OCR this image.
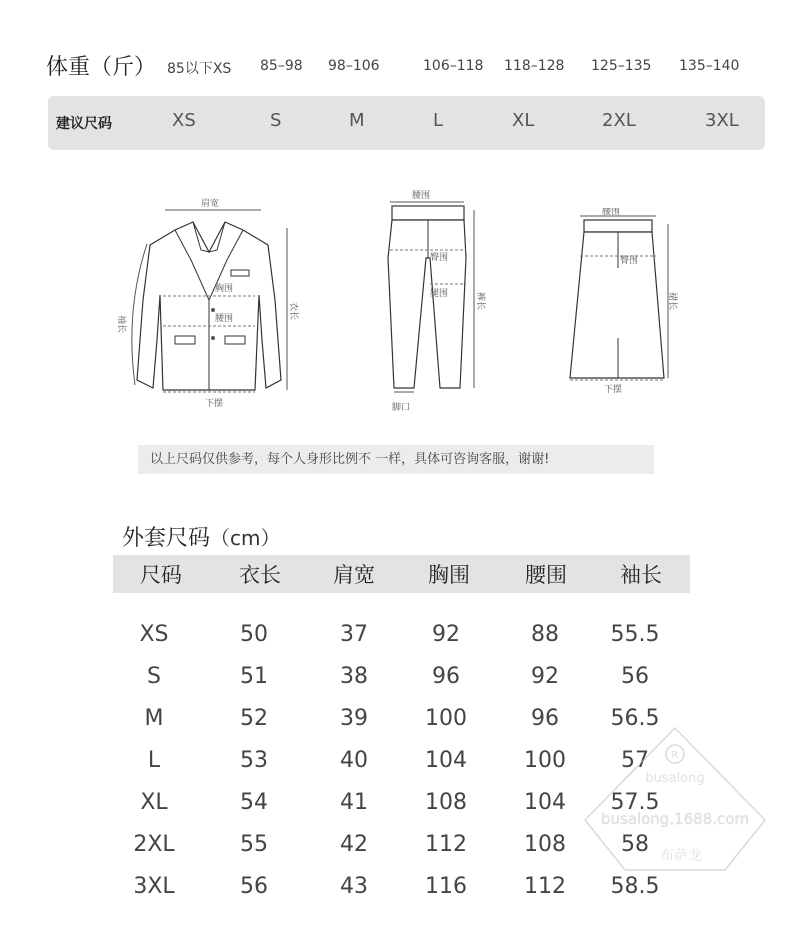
体重（斤） 85以下XS 85–98 98–106	106–118 118–128 125–135 135–140
建议尺码	XS	S	M	L	XL	2XL	3XL
肩宽
胸围
腰围
下摆
袖长
衣长
腰围
臀围
腿围
脚口
裤长
腰围
臀围
下摆
裙长
以上尺码仅供参考，每个人身形比例不 一样，具体可咨询客服，谢谢!
外套尺码（cm）
尺码	衣长 肩宽	胸围	腰围	袖长
XS	50	37	92	88 55.5
S	51	38	96	92	56
M	52	39	100	96 56.5
L	53	40	104	100	57
XL	54	41	108	104 57.5
2XL	55	42	112	108	58
3XL	56	43	116	112 58.5
R
busalong
busalong.1688.com
布萨龙
